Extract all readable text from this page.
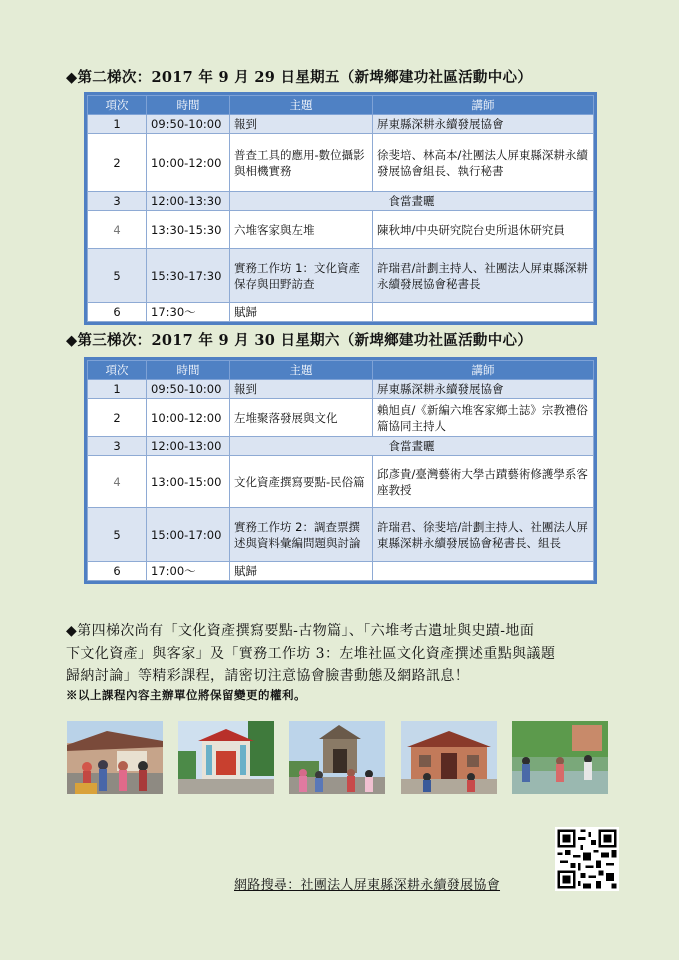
◆第二梯次：2017 年 9 月 29 日星期五（新埤鄉建功社區活動中心）
項次	時間	主題	講師
1	09:50-10:00	報到	屏東縣深耕永續發展協會
2	10:00-12:00	普查工具的應用-數位攝影與相機實務	徐斐培、林高本/社團法人屏東縣深耕永續發展協會組長、執行秘書
3	12:00-13:30	食當晝曬	
4	13:30-15:30	六堆客家與左堆	陳秋坤/中央研究院台史所退休研究員
5	15:30-17:30	實務工作坊 1：文化資產保存與田野訪查	許瑞君/計劃主持人、社團法人屏東縣深耕永續發展協會秘書長
6	17:30～	賦歸	
◆第三梯次：2017 年 9 月 30 日星期六（新埤鄉建功社區活動中心）
項次	時間	主題	講師
1	09:50-10:00	報到	屏東縣深耕永續發展協會
2	10:00-12:00	左堆聚落發展與文化	賴旭貞/《新編六堆客家鄉土誌》宗教禮俗篇協同主持人
3	12:00-13:00	食當晝曬	
4	13:00-15:00	文化資產撰寫要點-民俗篇	邱彥貴/臺灣藝術大學古蹟藝術修護學系客座教授
5	15:00-17:00	實務工作坊 2：調查票撰述與資料彙編問題與討論	許瑞君、徐斐培/計劃主持人、社團法人屏東縣深耕永續發展協會秘書長、組長
6	17:00～	賦歸	
◆第四梯次尚有「文化資產撰寫要點-古物篇」、「六堆考古遺址與史蹟-地面
下文化資產」與客家」及「實務工作坊 3：左堆社區文化資產撰述重點與議題
歸納討論」等精彩課程，請密切注意協會臉書動態及網路訊息！
※以上課程內容主辦單位將保留變更的權利。
網路搜尋：社團法人屏東縣深耕永續發展協會
